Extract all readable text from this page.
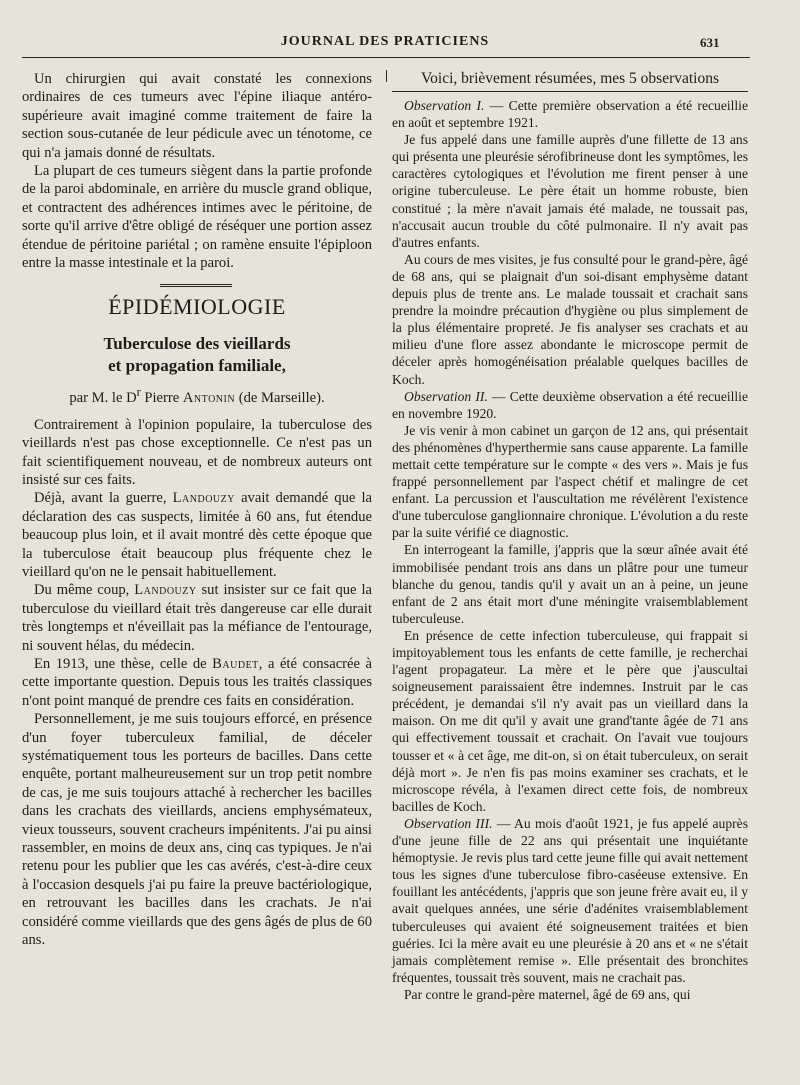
JOURNAL DES PRATICIENS	631

Un chirurgien qui avait constaté les connexions ordinaires de ces tumeurs avec l'épine iliaque antéro-supérieure avait imaginé comme traitement de faire la section sous-cutanée de leur pédicule avec un ténotome, ce qui n'a jamais donné de résultats.

La plupart de ces tumeurs siègent dans la partie profonde de la paroi abdominale, en arrière du muscle grand oblique, et contractent des adhérences intimes avec le péritoine, de sorte qu'il arrive d'être obligé de réséquer une portion assez étendue de péritoine pariétal ; on ramène ensuite l'épiploon entre la masse intestinale et la paroi.

ÉPIDÉMIOLOGIE

Tuberculose des vieillards

et propagation familiale,

par M. le $D^r$ Pierre Antonin (de Marseille).

Contrairement à l'opinion populaire, la tuberculose des vieillards n'est pas chose exceptionnelle. Ce n'est pas un fait scientifiquement nouveau, et de nombreux auteurs ont insisté sur ces faits.

Déjà, avant la guerre, Landouzy avait demandé que la déclaration des cas suspects, limitée à 60 ans, fut étendue beaucoup plus loin, et il avait montré dès cette époque que la tuberculose était beaucoup plus fréquente chez le vieillard qu'on ne le pensait habituellement.

Du même coup, Landouzy sut insister sur ce fait que la tuberculose du vieillard était très dangereuse car elle durait très longtemps et n'éveillait pas la méfiance de l'entourage, ni souvent hélas, du médecin.

En 1913, une thèse, celle de Baudet, a été consacrée à cette importante question. Depuis tous les traités classiques n'ont point manqué de prendre ces faits en considération.

Personnellement, je me suis toujours efforcé, en présence d'un foyer tuberculeux familial, de déceler systématiquement tous les porteurs de bacilles. Dans cette enquête, portant malheureusement sur un trop petit nombre de cas, je me suis toujours attaché à rechercher les bacilles dans les crachats des vieillards, anciens emphysémateux, vieux tousseurs, souvent cracheurs impénitents. J'ai pu ainsi rassembler, en moins de deux ans, cinq cas typiques. Je n'ai retenu pour les publier que les cas avérés, c'est-à-dire ceux à l'occasion desquels j'ai pu faire la preuve bactériologique, en retrouvant les bacilles dans les crachats. Je n'ai considéré comme vieillards que des gens âgés de plus de 60 ans.

Voici, brièvement résumées, mes 5 observations

Observation I. — Cette première observation a été recueillie en août et septembre 1921.

Je fus appelé dans une famille auprès d'une fillette de 13 ans qui présenta une pleurésie sérofibrineuse dont les symptômes, les caractères cytologiques et l'évolution me firent penser à une origine tuberculeuse. Le père était un homme robuste, bien constitué ; la mère n'avait jamais été malade, ne toussait pas, n'accusait aucun trouble du côté pulmonaire. Il n'y avait pas d'autres enfants.

Au cours de mes visites, je fus consulté pour le grand-père, âgé de 68 ans, qui se plaignait d'un soi-disant emphysème datant depuis plus de trente ans. Le malade toussait et crachait sans prendre la moindre précaution d'hygiène ou plus simplement de la plus élémentaire propreté. Je fis analyser ses crachats et au milieu d'une flore assez abondante le microscope permit de déceler après homogénéisation préalable quelques bacilles de Koch.

Observation II. — Cette deuxième observation a été recueillie en novembre 1920.

Je vis venir à mon cabinet un garçon de 12 ans, qui présentait des phénomènes d'hyperthermie sans cause apparente. La famille mettait cette température sur le compte « des vers ». Mais je fus frappé personnellement par l'aspect chétif et malingre de cet enfant. La percussion et l'auscultation me révélèrent l'existence d'une tuberculose ganglionnaire chronique. L'évolution a du reste par la suite vérifié ce diagnostic.

En interrogeant la famille, j'appris que la sœur aînée avait été immobilisée pendant trois ans dans un plâtre pour une tumeur blanche du genou, tandis qu'il y avait un an à peine, un jeune enfant de 2 ans était mort d'une méningite vraisemblablement tuberculeuse.

En présence de cette infection tuberculeuse, qui frappait si impitoyablement tous les enfants de cette famille, je recherchai l'agent propagateur. La mère et le père que j'auscultai soigneusement paraissaient être indemnes. Instruit par le cas précédent, je demandai s'il n'y avait pas un vieillard dans la maison. On me dit qu'il y avait une grand'tante âgée de 71 ans qui effectivement toussait et crachait. On l'avait vue toujours tousser et « à cet âge, me dit-on, si on était tuberculeux, on serait déjà mort ». Je n'en fis pas moins examiner ses crachats, et le microscope révéla, à l'examen direct cette fois, de nombreux bacilles de Koch.

Observation III. — Au mois d'août 1921, je fus appelé auprès d'une jeune fille de 22 ans qui présentait une inquiétante hémoptysie. Je revis plus tard cette jeune fille qui avait nettement tous les signes d'une tuberculose fibro-caséeuse extensive. En fouillant les antécédents, j'appris que son jeune frère avait eu, il y avait quelques années, une série d'adénites vraisemblablement tuberculeuses qui avaient été soigneusement traitées et bien guéries. Ici la mère avait eu une pleurésie à 20 ans et « ne s'était jamais complètement remise ». Elle présentait des bronchites fréquentes, toussait très souvent, mais ne crachait pas.

Par contre le grand-père maternel, âgé de 69 ans, qui
